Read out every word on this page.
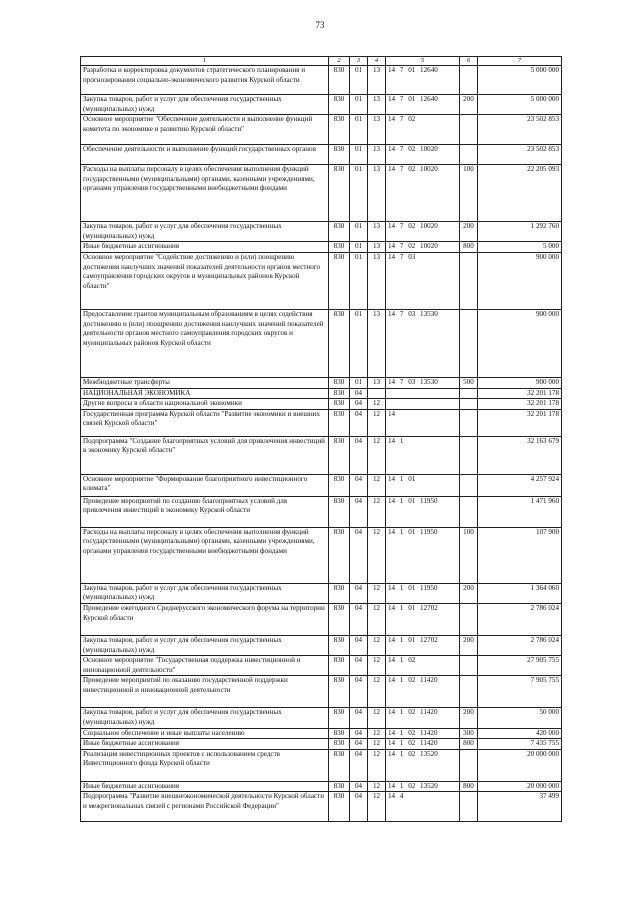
73
1	2	3	4	5	6	7
Разработка и корректировка документов стратегического планирования и прогнозирования социально-экономического развития Курской области	830	01	13	14 7 01 12640		5 000 000
Закупка товаров, работ и услуг для обеспечения государственных (муниципальных) нужд	830	01	13	14 7 01 12640	200	5 000 000
Основное мероприятие "Обеспечение деятельности и выполнение функций комитета по экономике и развитию Курской области"	830	01	13	14 7 02		23 502 853
Обеспечение деятельности и выполнение функций государственных органов	830	01	13	14 7 02 10020		23 502 853
Расходы на выплаты персоналу в целях обеспечения выполнения функций государственными (муниципальными) органами, казенными учреждениями, органами управления государственными внебюджетными фондами	830	01	13	14 7 02 10020	100	22 205 093
Закупка товаров, работ и услуг для обеспечения государственных (муниципальных) нужд	830	01	13	14 7 02 10020	200	1 292 760
Иные бюджетные ассигнования	830	01	13	14 7 02 10020	800	5 000
Основное мероприятие "Содействие достижению и (или) поощрению достижения наилучших значений показателей деятельности органов местного самоуправления городских округов и муниципальных районов Курской области"	830	01	13	14 7 03		900 000
Предоставление грантов муниципальным образованиям в целях содействия достижению и (или) поощрению достижения наилучших значений показателей деятельности органов местного самоуправления городских округов и муниципальных районов Курской области	830	01	13	14 7 03 13530		900 000
Межбюджетные трансферты	830	01	13	14 7 03 13530	500	900 000
НАЦИОНАЛЬНАЯ ЭКОНОМИКА	830	04				32 201 178
Другие вопросы в области национальной экономики	830	04	12			32 201 178
Государственная программа Курской области "Развитие экономики и внешних связей Курской области"	830	04	12	14		32 201 178
Подпрограмма "Создание благоприятных условий для привлечения инвестиций в экономику Курской области"	830	04	12	14 1		32 163 679
Основное мероприятие "Формирование благоприятного инвестиционного климата"	830	04	12	14 1 01		4 257 924
Проведение мероприятий по созданию благоприятных условий для привлечения инвестиций в экономику Курской области	830	04	12	14 1 01 11950		1 471 960
Расходы на выплаты персоналу в целях обеспечения выполнения функций государственными (муниципальными) органами, казенными учреждениями, органами управления государственными внебюджетными фондами	830	04	12	14 1 01 11950	100	107 900
Закупка товаров, работ и услуг для обеспечения государственных (муниципальных) нужд	830	04	12	14 1 01 11950	200	1 364 060
Проведение ежегодного Среднерусского экономического форума на территории Курской области	830	04	12	14 1 01 12702		2 786 024
Закупка товаров, работ и услуг для обеспечения государственных (муниципальных) нужд	830	04	12	14 1 01 12702	200	2 786 024
Основное мероприятие "Государственная поддержка инвестиционной и инновационной деятельности"	830	04	12	14 1 02		27 905 755
Проведение мероприятий по оказанию государственной поддержки инвестиционной и инновационной деятельности	830	04	12	14 1 02 11420		7 905 755
Закупка товаров, работ и услуг для обеспечения государственных (муниципальных) нужд	830	04	12	14 1 02 11420	200	50 000
Социальное обеспечение и иные выплаты населению	830	04	12	14 1 02 11420	300	420 000
Иные бюджетные ассигнования	830	04	12	14 1 02 11420	800	7 435 755
Реализация инвестиционных проектов с использованием средств Инвестиционного фонда Курской области	830	04	12	14 1 02 13520		20 000 000
Иные бюджетные ассигнования	830	04	12	14 1 02 13520	800	20 000 000
Подпрограмма "Развитие внешнеэкономической деятельности Курской области и межрегиональных связей с регионами Российской Федерации"	830	04	12	14 4		37 499
